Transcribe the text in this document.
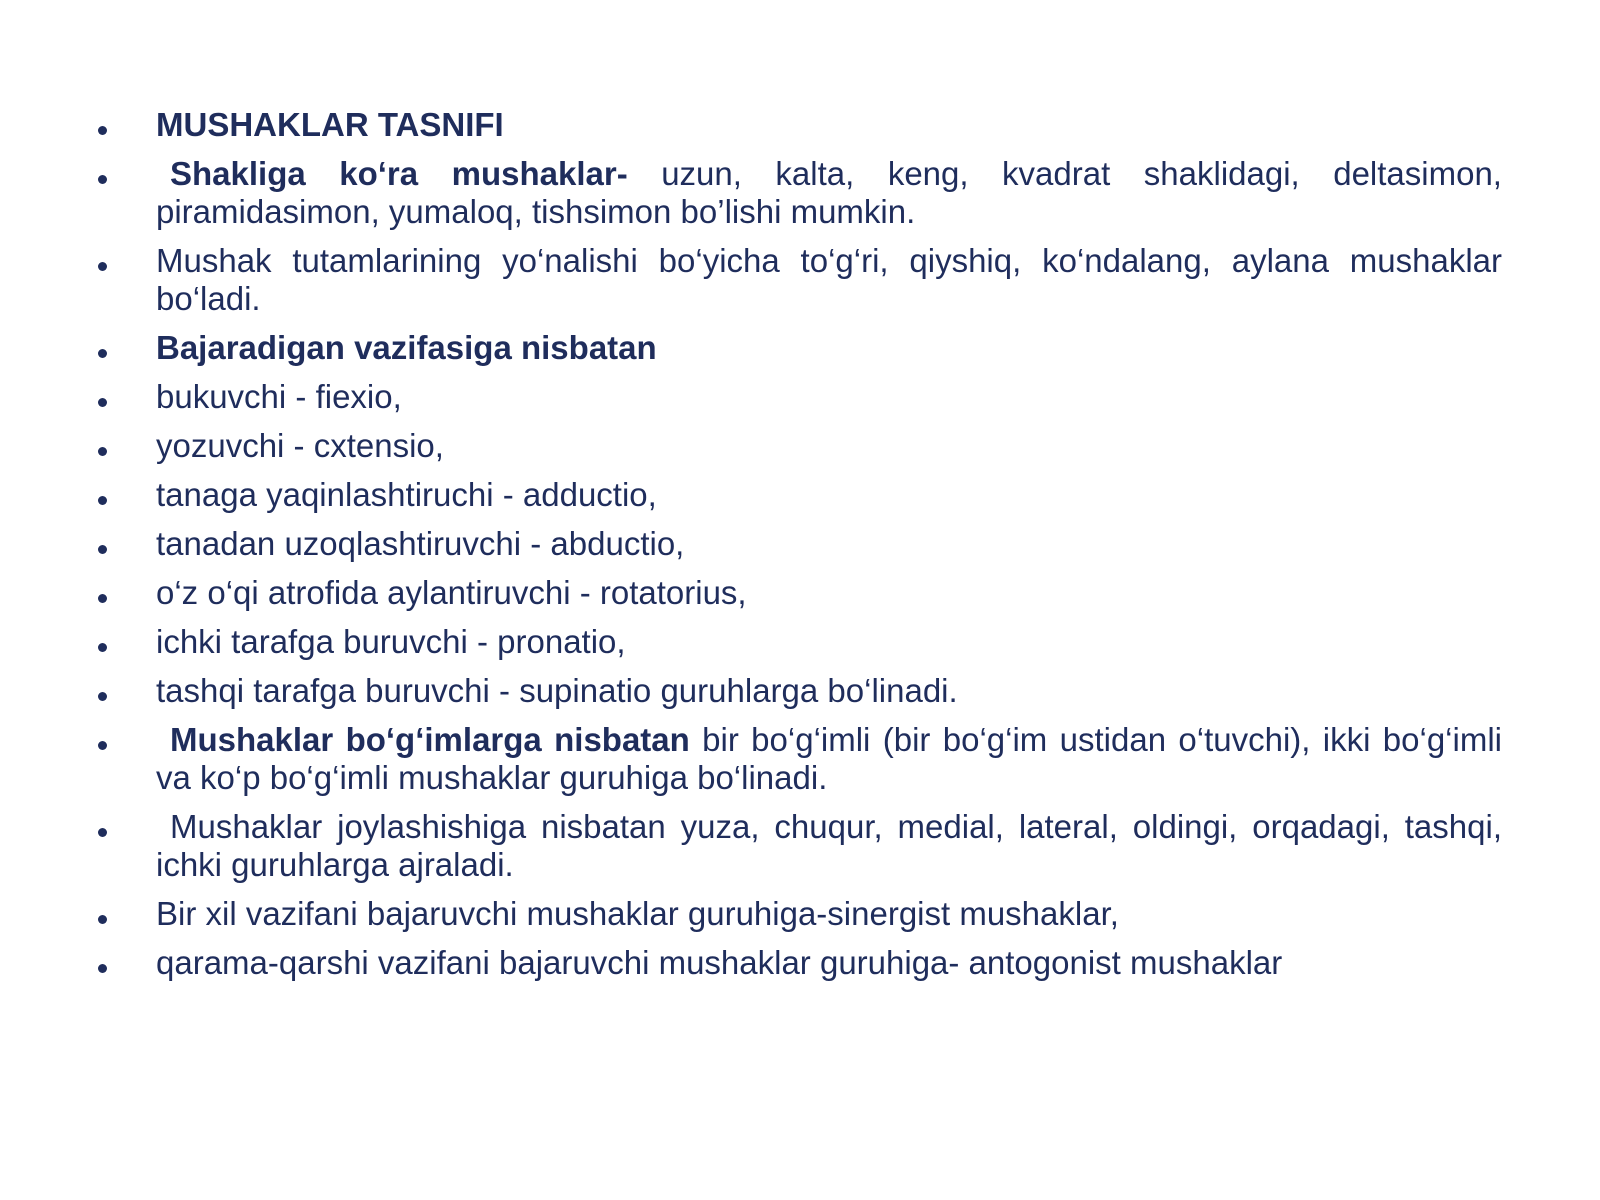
MUSHAKLAR TASNIFI
Shakliga ko‘ra mushaklar- uzun, kalta, keng, kvadrat shaklidagi, deltasimon, piramidasimon, yumaloq, tishsimon bo’lishi mumkin.
Mushak tutamlarining yo‘nalishi bo‘yicha to‘g‘ri, qiyshiq, ko‘ndalang, aylana mushaklar bo‘ladi.
Bajaradigan vazifasiga nisbatan
bukuvchi - fiexio,
yozuvchi - cxtensio,
tanaga yaqinlashtiruchi - adductio,
tanadan uzoqlashtiruvchi - abductio,
o‘z o‘qi atrofida aylantiruvchi - rotatorius,
ichki tarafga buruvchi - pronatio,
tashqi tarafga buruvchi - supinatio guruhlarga bo‘linadi.
Mushaklar bo‘g‘imlarga nisbatan bir bo‘g‘imli (bir bo‘g‘im ustidan o‘tuvchi), ikki bo‘g‘imli va ko‘p bo‘g‘imli mushaklar guruhiga bo‘linadi.
Mushaklar joylashishiga nisbatan yuza, chuqur, medial, lateral, oldingi, orqadagi, tashqi, ichki guruhlarga ajraladi.
Bir xil vazifani bajaruvchi mushaklar guruhiga-sinergist mushaklar,
qarama-qarshi vazifani bajaruvchi mushaklar guruhiga- antogonist mushaklar
